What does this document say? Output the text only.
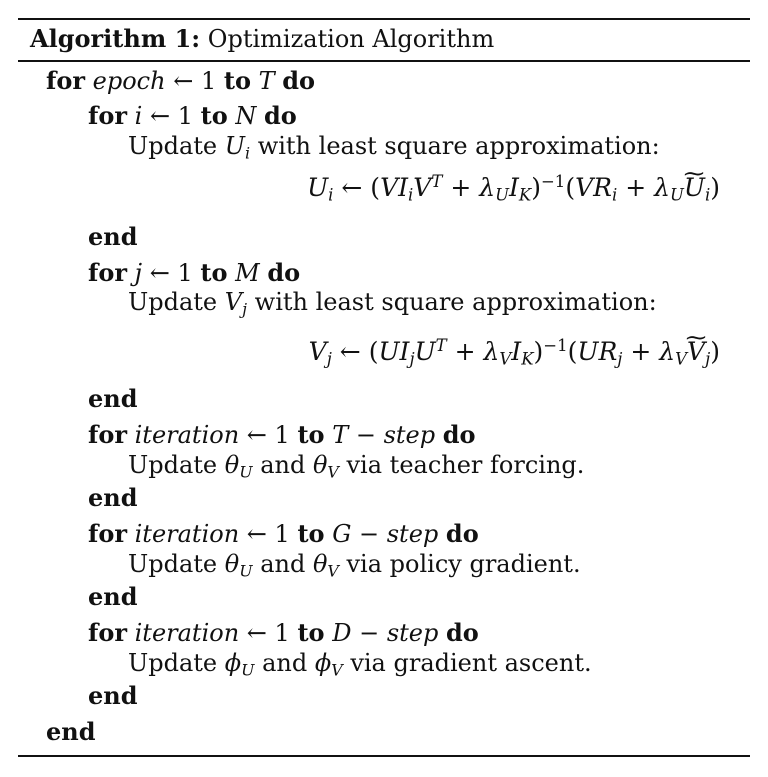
Algorithm 1: Optimization Algorithm
for epoch ← 1 to T do
for i ← 1 to N do
Update $U_i$ with least square approximation:
$U_i$ ← $(VI_iV^T + \lambda_UI_K)^{-1}(VR_i$ + $\lambda_U\sim$ $U_i$)
end
for j ← 1 to M do
Update $V_j$ with least square approximation:
$V_j$ ← $(UI_jU^T + \lambda_VI_K)^{-1}(UR_j$ + $\lambda_V\sim$ $V_j$)
end
for iteration ← 1 to T − step do
Update $\theta_U$ and $\theta_V$ via teacher forcing.
end
for iteration ← 1 to G − step do
Update $\theta_U$ and $\theta_V$ via policy gradient.
end
for iteration ← 1 to D − step do
Update $\phi_U$ and $\phi_V$ via gradient ascent.
end
end
